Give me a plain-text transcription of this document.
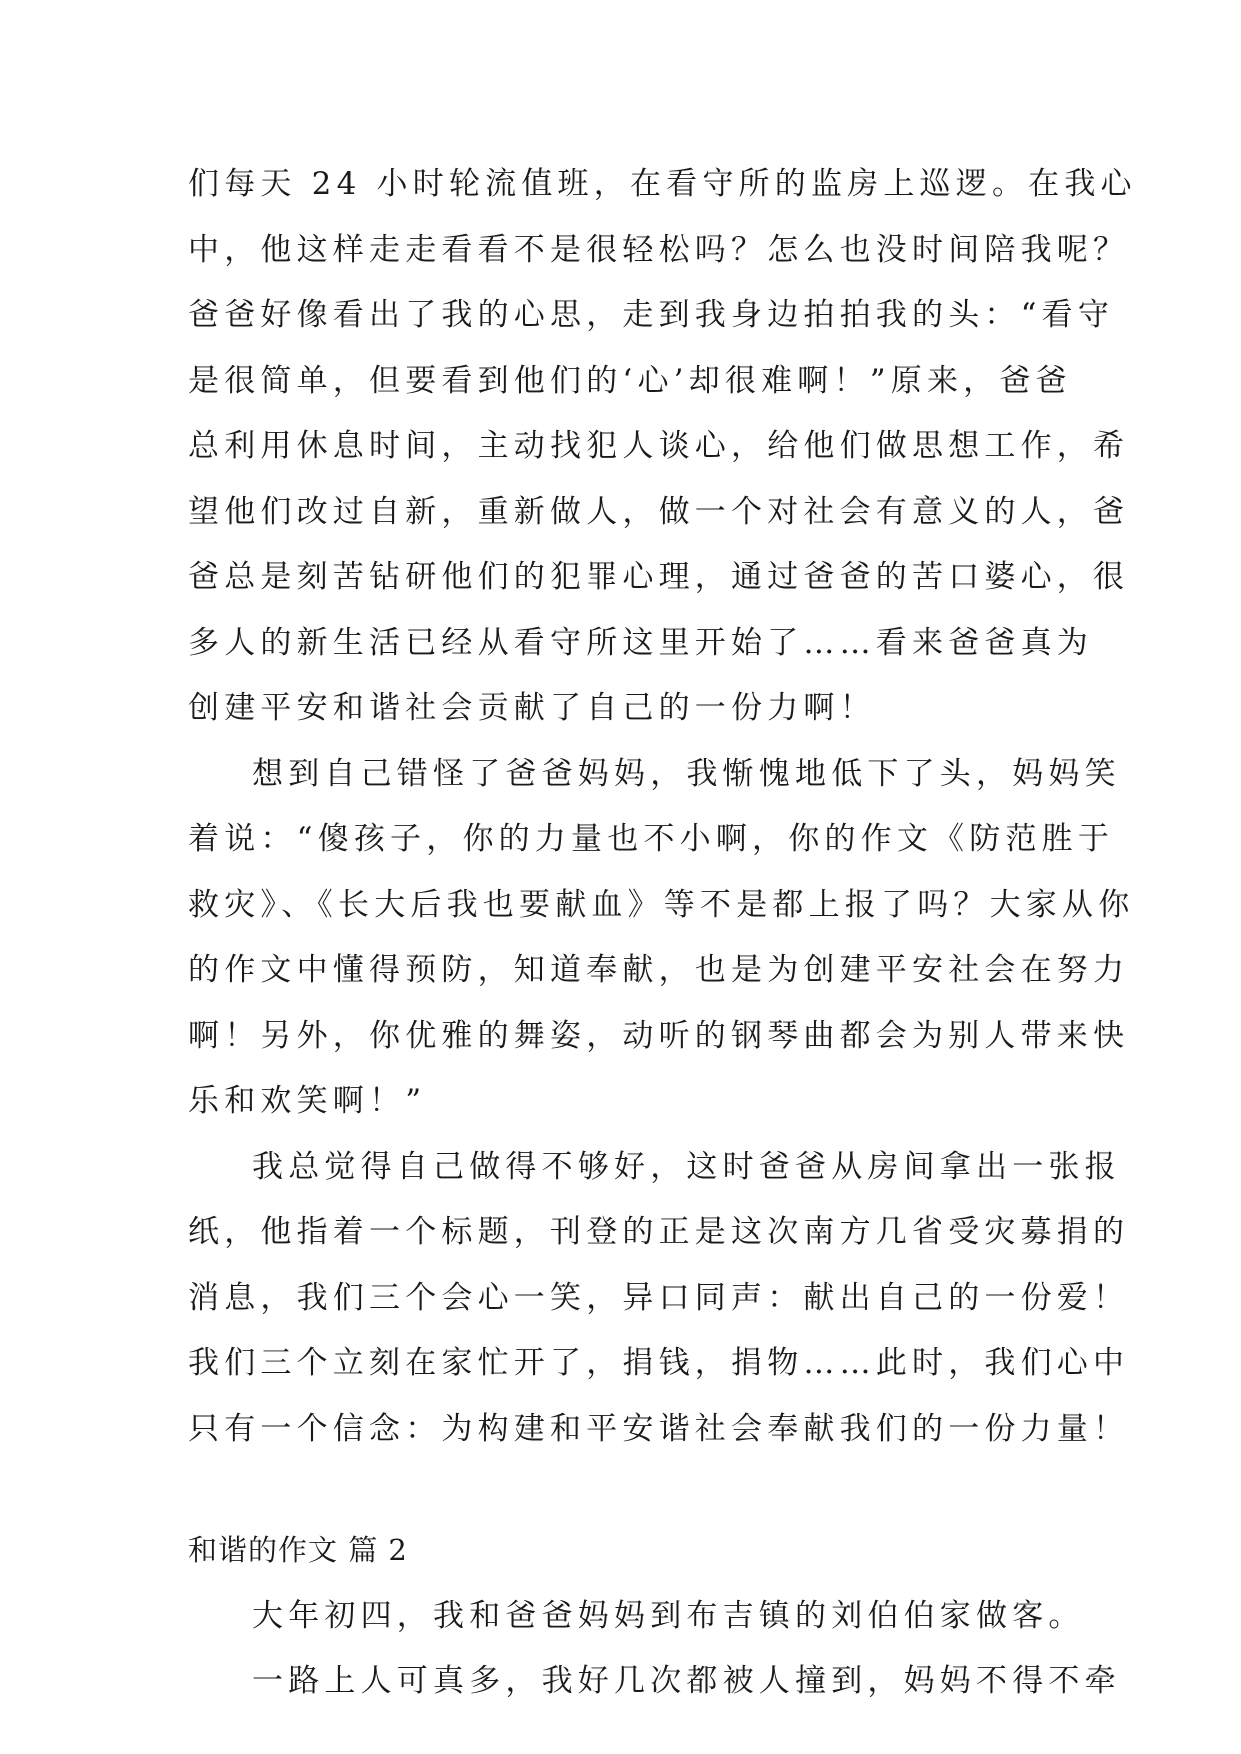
们每天 24 小时轮流值班，在看守所的监房上巡逻。在我心
中，他这样走走看看不是很轻松吗？怎么也没时间陪我呢？
爸爸好像看出了我的心思，走到我身边拍拍我的头：“看守
是很简单，但要看到他们的‘心’却很难啊！”原来，爸爸
总利用休息时间，主动找犯人谈心，给他们做思想工作，希
望他们改过自新，重新做人，做一个对社会有意义的人，爸
爸总是刻苦钻研他们的犯罪心理，通过爸爸的苦口婆心，很
多人的新生活已经从看守所这里开始了……看来爸爸真为
创建平安和谐社会贡献了自己的一份力啊！
想到自己错怪了爸爸妈妈，我惭愧地低下了头，妈妈笑
着说：“傻孩子，你的力量也不小啊，你的作文《防范胜于
救灾》、《长大后我也要献血》等不是都上报了吗？大家从你
的作文中懂得预防，知道奉献，也是为创建平安社会在努力
啊！另外，你优雅的舞姿，动听的钢琴曲都会为别人带来快
乐和欢笑啊！”
我总觉得自己做得不够好，这时爸爸从房间拿出一张报
纸，他指着一个标题，刊登的正是这次南方几省受灾募捐的
消息，我们三个会心一笑，异口同声：献出自己的一份爱！
我们三个立刻在家忙开了，捐钱，捐物……此时，我们心中
只有一个信念：为构建和平安谐社会奉献我们的一份力量！
和谐的作文 篇 2
大年初四，我和爸爸妈妈到布吉镇的刘伯伯家做客。
一路上人可真多，我好几次都被人撞到，妈妈不得不牵
